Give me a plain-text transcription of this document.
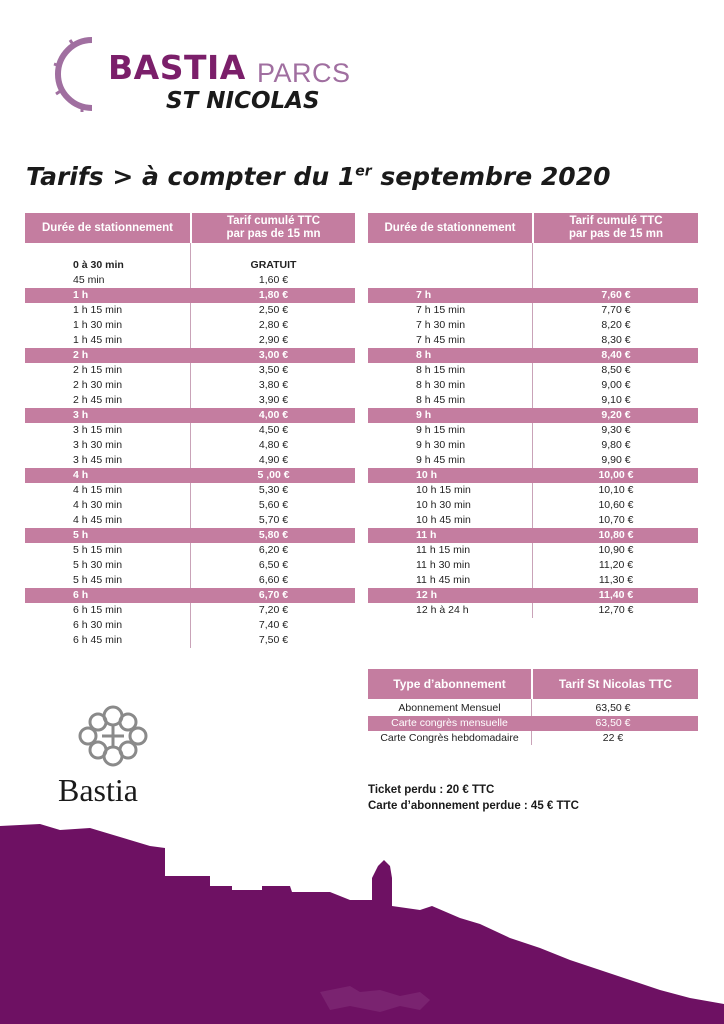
BASTIA PARCS
ST NICOLAS
Tarifs > à compter du 1er septembre 2020
Durée de stationnement
Tarif cumulé TTC
par pas de 15 mn
Durée de stationnement
Tarif cumulé TTC
par pas de 15 mn
0 à 30 min	GRATUIT
45 min	1,60 €
1 h	1,80 €
1 h 15 min	2,50 €
1 h 30 min	2,80 €
1 h 45 min	2,90 €
2 h	3,00 €
2 h 15 min	3,50 €
2 h 30 min	3,80 €
2 h 45 min	3,90 €
3 h	4,00 €
3 h 15 min	4,50 €
3 h 30 min	4,80 €
3 h 45 min	4,90 €
4 h	5 ,00 €
4 h 15 min	5,30 €
4 h 30 min	5,60 €
4 h 45 min	5,70 €
5 h	5,80 €
5 h 15 min	6,20 €
5 h 30 min	6,50 €
5 h 45 min	6,60 €
6 h	6,70 €
6 h 15 min	7,20 €
6 h 30 min	7,40 €
6 h 45 min	7,50 €
7 h	7,60 €
7 h 15 min	7,70 €
7 h 30 min	8,20 €
7 h 45 min	8,30 €
8 h	8,40 €
8 h 15 min	8,50 €
8 h 30 min	9,00 €
8 h 45 min	9,10 €
9 h	9,20 €
9 h 15 min	9,30 €
9 h 30 min	9,80 €
9 h 45 min	9,90 €
10 h	10,00 €
10 h 15 min	10,10 €
10 h 30 min	10,60 €
10 h 45 min	10,70 €
11 h	10,80 €
11 h 15 min	10,90 €
11 h 30 min	11,20 €
11 h 45 min	11,30 €
12 h	11,40 €
12 h à 24 h	12,70 €
Type d’abonnement	Tarif St Nicolas TTC
Abonnement Mensuel	63,50 €
Carte congrès mensuelle	63,50 €
Carte Congrès hebdomadaire	22 €
Ticket perdu : 20 € TTC
Carte d’abonnement perdue : 45 € TTC
Bastia
